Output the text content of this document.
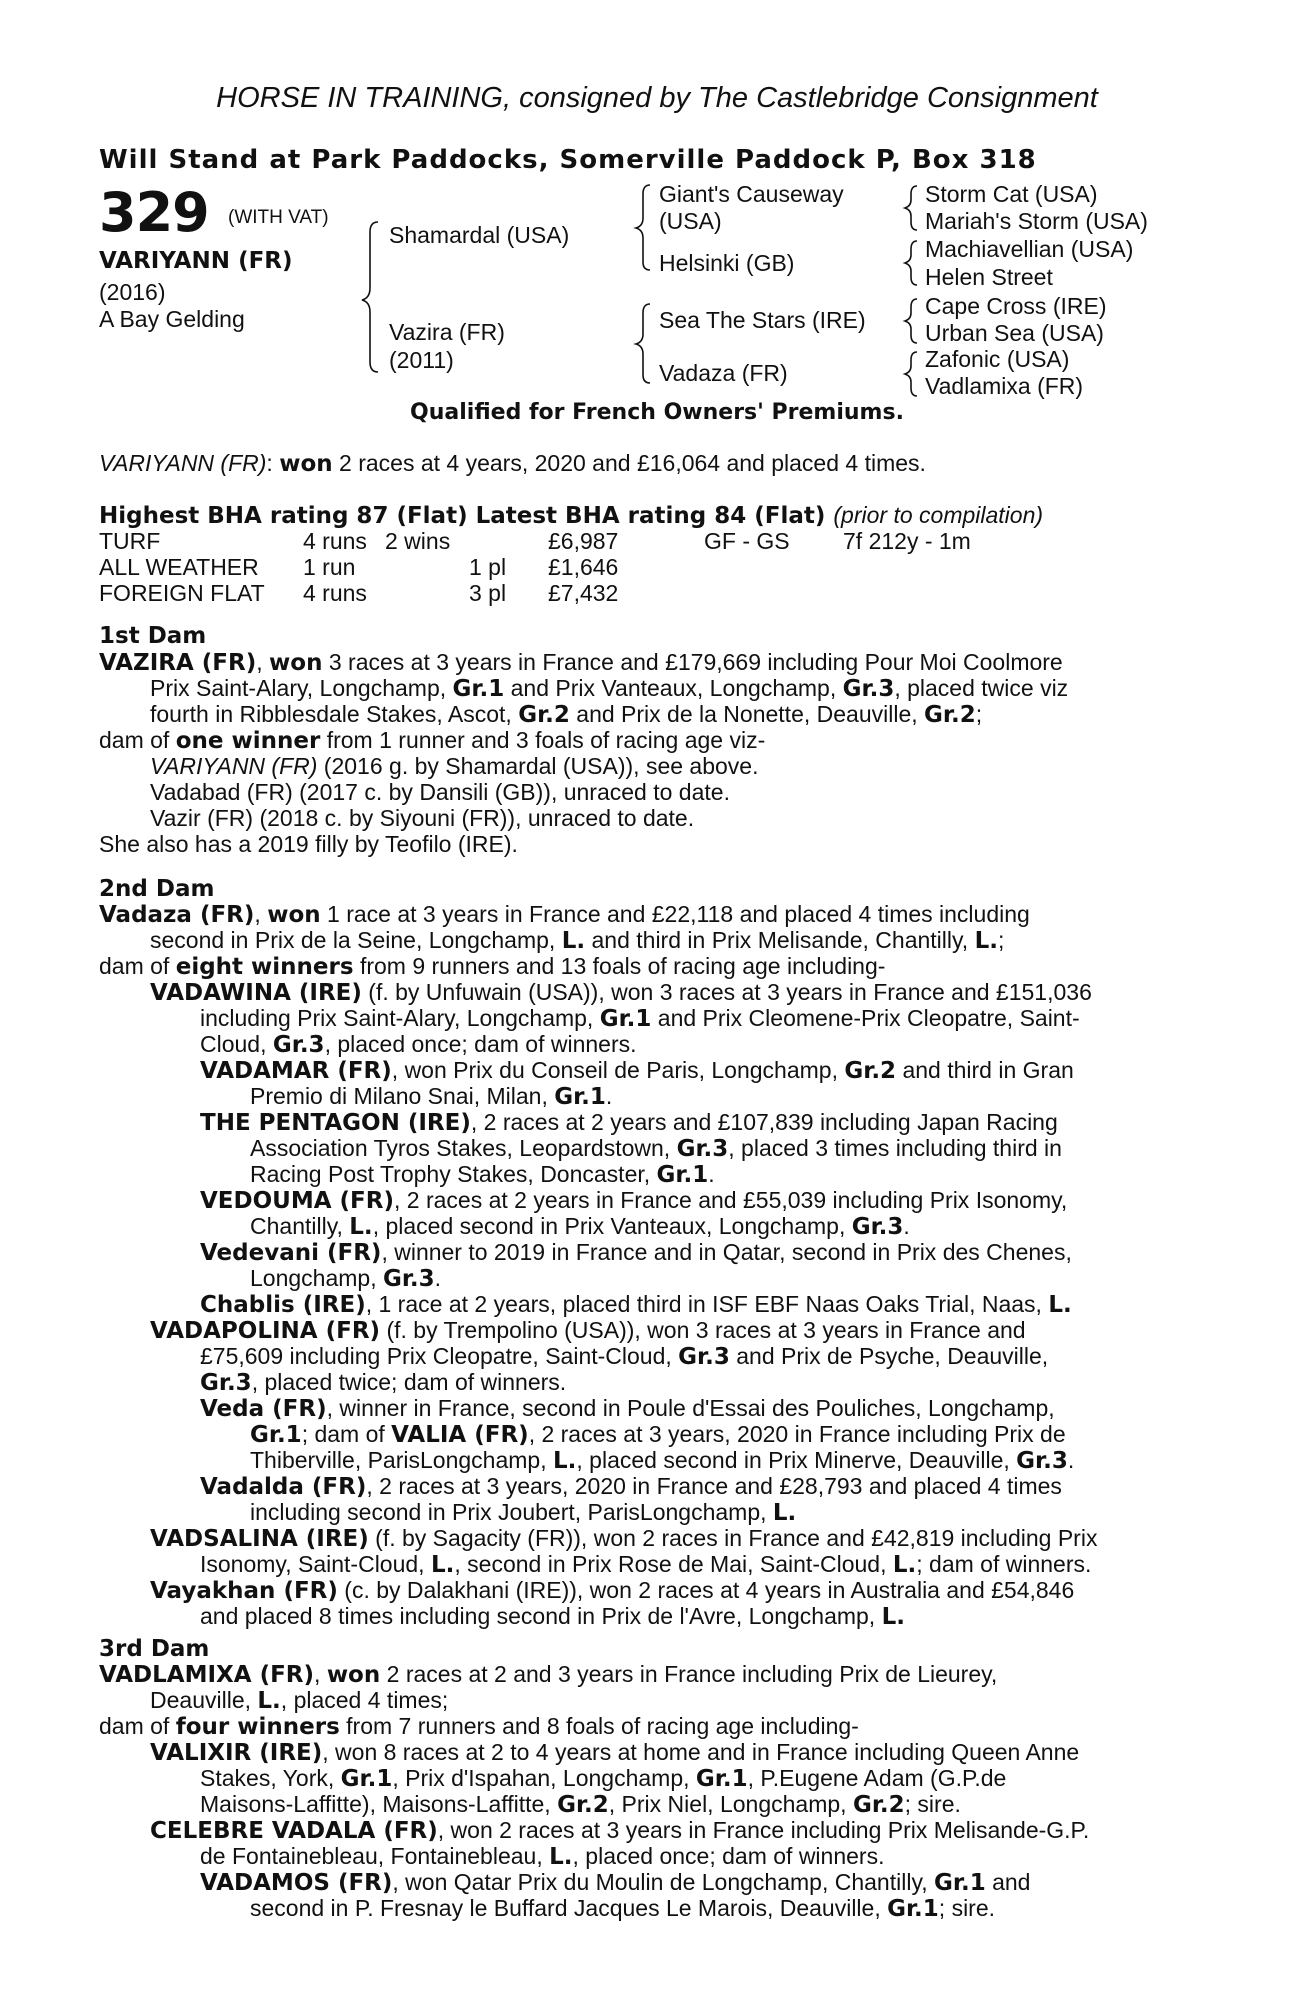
HORSE IN TRAINING, consigned by The Castlebridge Consignment
Will Stand at Park Paddocks, Somerville Paddock P, Box 318
329 (WITH VAT)
VARIYANN (FR)
(2016)
A Bay Gelding
Shamardal (USA)
Vazira (FR)
(2011)
Giant's Causeway
(USA)
Helsinki (GB)
Sea The Stars (IRE)
Vadaza (FR)
Storm Cat (USA)
Mariah's Storm (USA)
Machiavellian (USA)
Helen Street
Cape Cross (IRE)
Urban Sea (USA)
Zafonic (USA)
Vadlamixa (FR)
Qualified for French Owners' Premiums.
VARIYANN (FR): won 2 races at 4 years, 2020 and £16,064 and placed 4 times.
Highest BHA rating 87 (Flat) Latest BHA rating 84 (Flat) (prior to compilation)
TURF	4 runs 2 wins	£6,987	GF - GS 7f 212y - 1m
ALL WEATHER 1 run	1 pl £1,646
FOREIGN FLAT 4 runs	3 pl £7,432
1st Dam
VAZIRA (FR), won 3 races at 3 years in France and £179,669 including Pour Moi Coolmore
Prix Saint-Alary, Longchamp, Gr.1 and Prix Vanteaux, Longchamp, Gr.3, placed twice viz
fourth in Ribblesdale Stakes, Ascot, Gr.2 and Prix de la Nonette, Deauville, Gr.2;
dam of one winner from 1 runner and 3 foals of racing age viz-
VARIYANN (FR) (2016 g. by Shamardal (USA)), see above.
Vadabad (FR) (2017 c. by Dansili (GB)), unraced to date.
Vazir (FR) (2018 c. by Siyouni (FR)), unraced to date.
She also has a 2019 filly by Teofilo (IRE).
2nd Dam
Vadaza (FR), won 1 race at 3 years in France and £22,118 and placed 4 times including
second in Prix de la Seine, Longchamp, L. and third in Prix Melisande, Chantilly, L.;
dam of eight winners from 9 runners and 13 foals of racing age including-
VADAWINA (IRE) (f. by Unfuwain (USA)), won 3 races at 3 years in France and £151,036
including Prix Saint-Alary, Longchamp, Gr.1 and Prix Cleomene-Prix Cleopatre, Saint-
Cloud, Gr.3, placed once; dam of winners.
VADAMAR (FR), won Prix du Conseil de Paris, Longchamp, Gr.2 and third in Gran
Premio di Milano Snai, Milan, Gr.1.
THE PENTAGON (IRE), 2 races at 2 years and £107,839 including Japan Racing
Association Tyros Stakes, Leopardstown, Gr.3, placed 3 times including third in
Racing Post Trophy Stakes, Doncaster, Gr.1.
VEDOUMA (FR), 2 races at 2 years in France and £55,039 including Prix Isonomy,
Chantilly, L., placed second in Prix Vanteaux, Longchamp, Gr.3.
Vedevani (FR), winner to 2019 in France and in Qatar, second in Prix des Chenes,
Longchamp, Gr.3.
Chablis (IRE), 1 race at 2 years, placed third in ISF EBF Naas Oaks Trial, Naas, L.
VADAPOLINA (FR) (f. by Trempolino (USA)), won 3 races at 3 years in France and
£75,609 including Prix Cleopatre, Saint-Cloud, Gr.3 and Prix de Psyche, Deauville,
Gr.3, placed twice; dam of winners.
Veda (FR), winner in France, second in Poule d'Essai des Pouliches, Longchamp,
Gr.1; dam of VALIA (FR), 2 races at 3 years, 2020 in France including Prix de
Thiberville, ParisLongchamp, L., placed second in Prix Minerve, Deauville, Gr.3.
Vadalda (FR), 2 races at 3 years, 2020 in France and £28,793 and placed 4 times
including second in Prix Joubert, ParisLongchamp, L.
VADSALINA (IRE) (f. by Sagacity (FR)), won 2 races in France and £42,819 including Prix
Isonomy, Saint-Cloud, L., second in Prix Rose de Mai, Saint-Cloud, L.; dam of winners.
Vayakhan (FR) (c. by Dalakhani (IRE)), won 2 races at 4 years in Australia and £54,846
and placed 8 times including second in Prix de l'Avre, Longchamp, L.
3rd Dam
VADLAMIXA (FR), won 2 races at 2 and 3 years in France including Prix de Lieurey,
Deauville, L., placed 4 times;
dam of four winners from 7 runners and 8 foals of racing age including-
VALIXIR (IRE), won 8 races at 2 to 4 years at home and in France including Queen Anne
Stakes, York, Gr.1, Prix d'Ispahan, Longchamp, Gr.1, P.Eugene Adam (G.P.de
Maisons-Laffitte), Maisons-Laffitte, Gr.2, Prix Niel, Longchamp, Gr.2; sire.
CELEBRE VADALA (FR), won 2 races at 3 years in France including Prix Melisande-G.P.
de Fontainebleau, Fontainebleau, L., placed once; dam of winners.
VADAMOS (FR), won Qatar Prix du Moulin de Longchamp, Chantilly, Gr.1 and
second in P. Fresnay le Buffard Jacques Le Marois, Deauville, Gr.1; sire.
